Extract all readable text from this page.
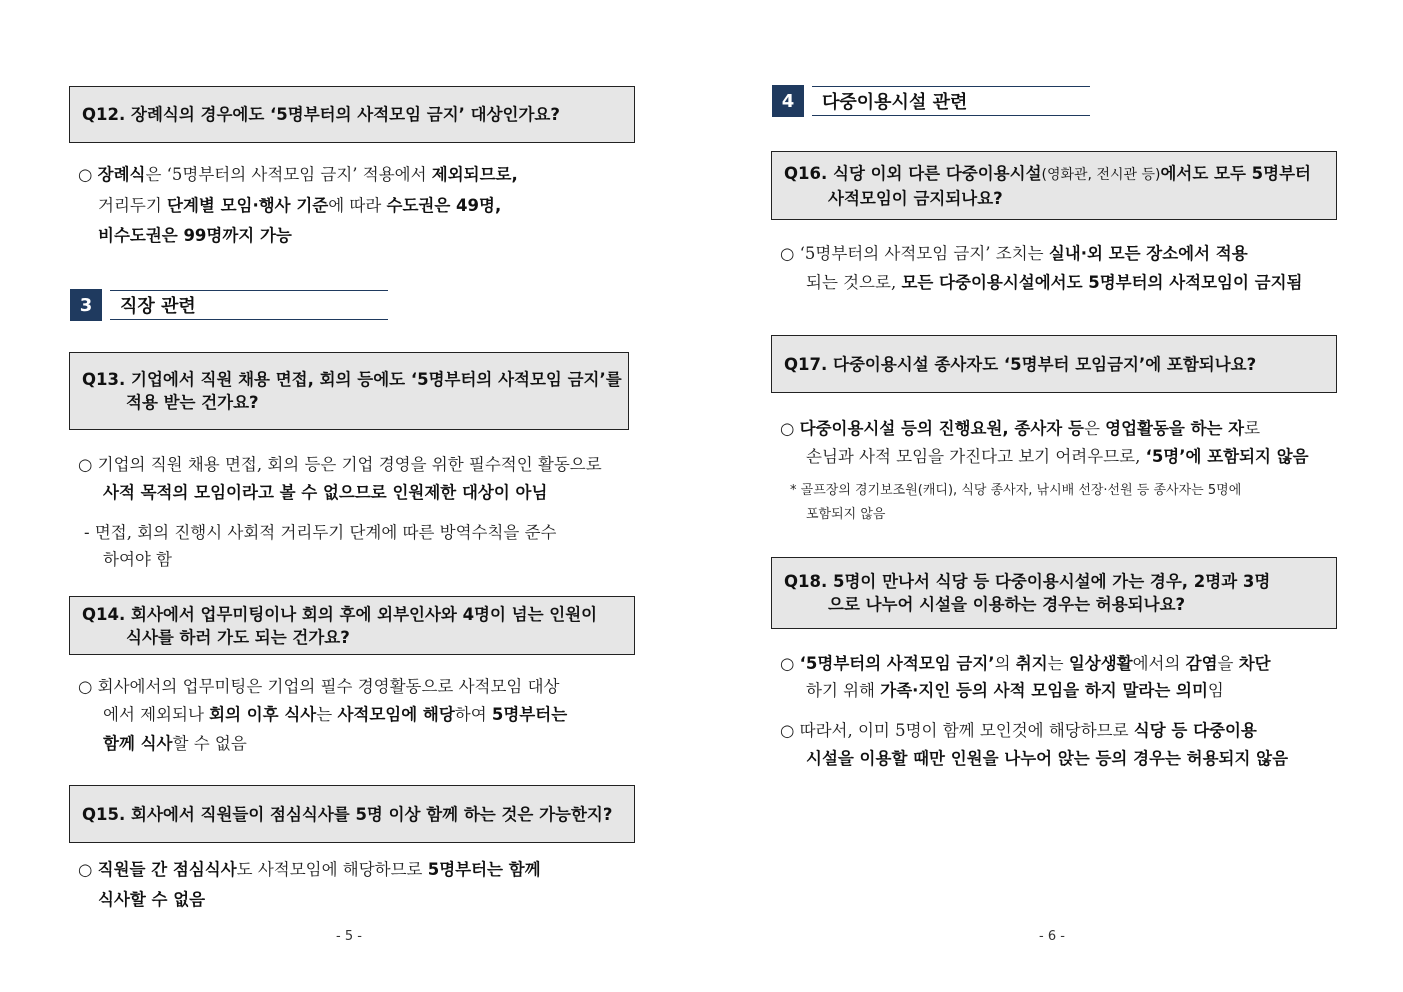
Q12. 장례식의 경우에도 ‘5명부터의 사적모임 금지’ 대상인가요?
○ 장례식은 ‘5명부터의 사적모임 금지’ 적용에서 제외되므로,
거리두기 단계별 모임·행사 기준에 따라 수도권은 49명,
비수도권은 99명까지 가능
3	직장 관련
Q13. 기업에서 직원 채용 면접, 회의 등에도 ‘5명부터의 사적모임 금지’를
적용 받는 건가요?
○ 기업의 직원 채용 면접, 회의 등은 기업 경영을 위한 필수적인 활동으로
사적 목적의 모임이라고 볼 수 없으므로 인원제한 대상이 아님
- 면접, 회의 진행시 사회적 거리두기 단계에 따른 방역수칙을 준수
하여야 함
Q14. 회사에서 업무미팅이나 회의 후에 외부인사와 4명이 넘는 인원이
식사를 하러 가도 되는 건가요?
○ 회사에서의 업무미팅은 기업의 필수 경영활동으로 사적모임 대상
에서 제외되나 회의 이후 식사는 사적모임에 해당하여 5명부터는
함께 식사할 수 없음
Q15. 회사에서 직원들이 점심식사를 5명 이상 함께 하는 것은 가능한지?
○ 직원들 간 점심식사도 사적모임에 해당하므로 5명부터는 함께
식사할 수 없음
- 5 -
4	다중이용시설 관련
Q16. 식당 이외 다른 다중이용시설(영화관, 전시관 등)에서도 모두 5명부터
사적모임이 금지되나요?
○ ‘5명부터의 사적모임 금지’ 조치는 실내·외 모든 장소에서 적용
되는 것으로, 모든 다중이용시설에서도 5명부터의 사적모임이 금지됨
Q17. 다중이용시설 종사자도 ‘5명부터 모임금지’에 포함되나요?
○ 다중이용시설 등의 진행요원, 종사자 등은 영업활동을 하는 자로
손님과 사적 모임을 가진다고 보기 어려우므로, ‘5명’에 포함되지 않음
* 골프장의 경기보조원(캐디), 식당 종사자, 낚시배 선장·선원 등 종사자는 5명에
포함되지 않음
Q18. 5명이 만나서 식당 등 다중이용시설에 가는 경우, 2명과 3명
으로 나누어 시설을 이용하는 경우는 허용되나요?
○ ‘5명부터의 사적모임 금지’의 취지는 일상생활에서의 감염을 차단
하기 위해 가족·지인 등의 사적 모임을 하지 말라는 의미임
○ 따라서, 이미 5명이 함께 모인것에 해당하므로 식당 등 다중이용
시설을 이용할 때만 인원을 나누어 앉는 등의 경우는 허용되지 않음
- 6 -
